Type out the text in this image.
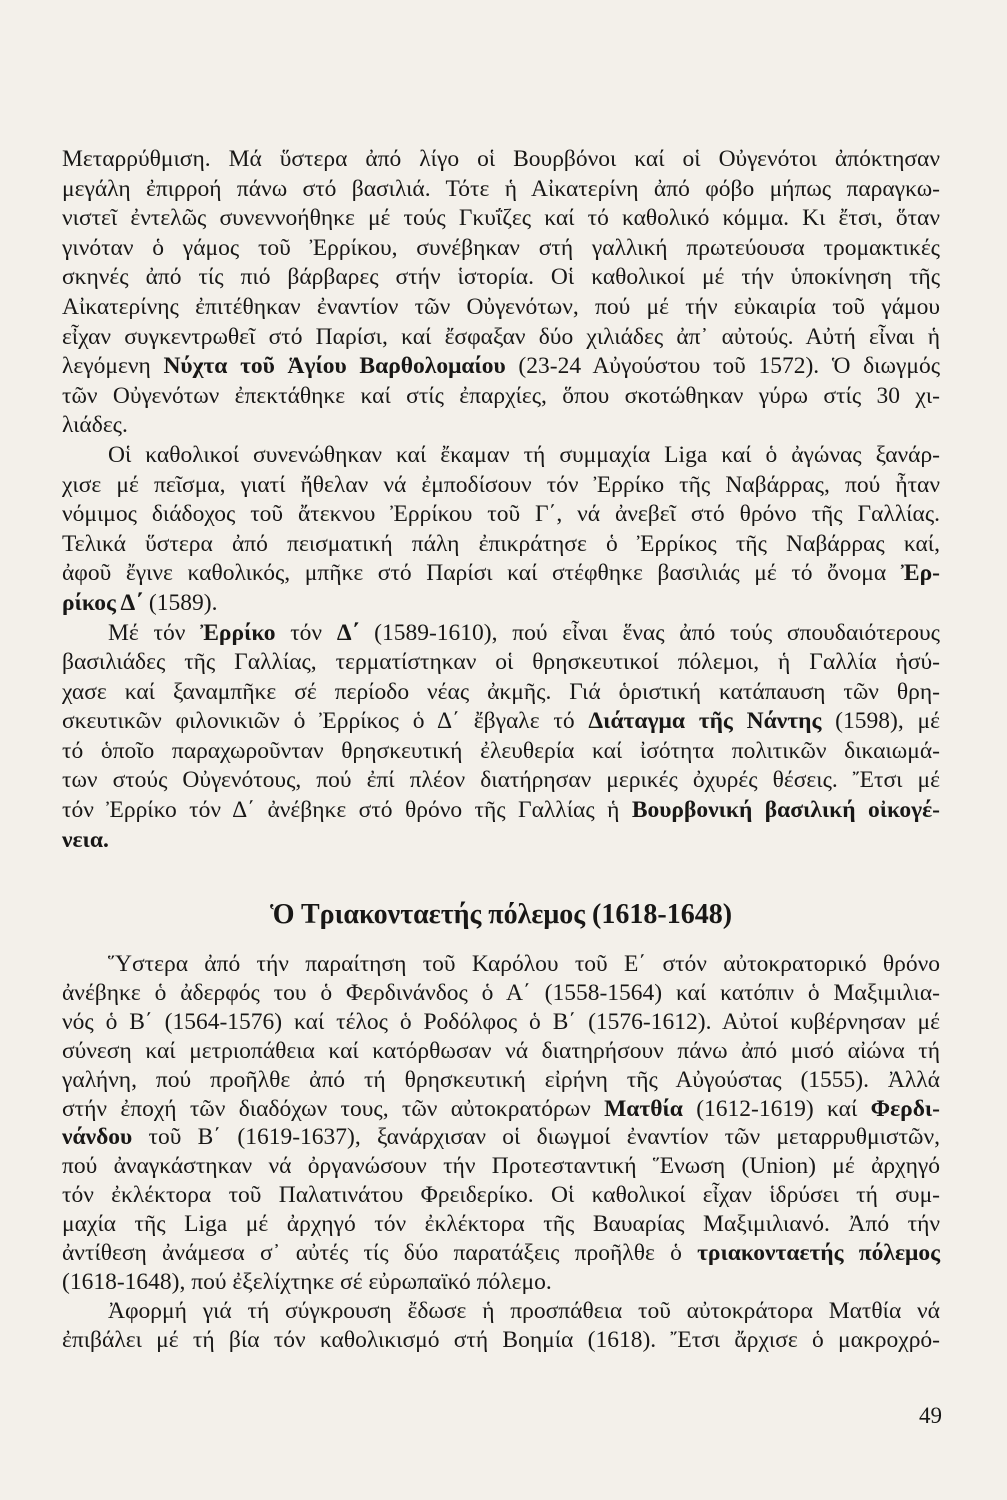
Μεταρρύθμιση. Μά ὕστερα ἀπό λίγο οἱ Βουρβόνοι καί οἱ Οὐγενότοι ἀπόκτησαν
μεγάλη ἐπιρροή πάνω στό βασιλιά. Τότε ἡ Αἰκατερίνη ἀπό φόβο μήπως παραγκω-
νιστεῖ ἐντελῶς συνεννοήθηκε μέ τούς Γκυΐζες καί τό καθολικό κόμμα. Κι ἔτσι, ὅταν
γινόταν ὁ γάμος τοῦ Ἐρρίκου, συνέβηκαν στή γαλλική πρωτεύουσα τρομακτικές
σκηνές ἀπό τίς πιό βάρβαρες στήν ἱστορία. Οἱ καθολικοί μέ τήν ὑποκίνηση τῆς
Αἰκατερίνης ἐπιτέθηκαν ἐναντίον τῶν Οὐγενότων, πού μέ τήν εὐκαιρία τοῦ γάμου
εἶχαν συγκεντρωθεῖ στό Παρίσι, καί ἔσφαξαν δύο χιλιάδες ἀπ᾽ αὐτούς. Αὐτή εἶναι ἡ
λεγόμενη Νύχτα τοῦ Ἁγίου Βαρθολομαίου (23-24 Αὐγούστου τοῦ 1572). Ὁ διωγμός
τῶν Οὐγενότων ἐπεκτάθηκε καί στίς ἐπαρχίες, ὅπου σκοτώθηκαν γύρω στίς 30 χι-
λιάδες.
Οἱ καθολικοί συνενώθηκαν καί ἔκαμαν τή συμμαχία Liga καί ὁ ἀγώνας ξανάρ-
χισε μέ πεῖσμα, γιατί ἤθελαν νά ἐμποδίσουν τόν Ἐρρίκο τῆς Ναβάρρας, πού ἦταν
νόμιμος διάδοχος τοῦ ἄτεκνου Ἐρρίκου τοῦ Γ΄, νά ἀνεβεῖ στό θρόνο τῆς Γαλλίας.
Τελικά ὕστερα ἀπό πεισματική πάλη ἐπικράτησε ὁ Ἐρρίκος τῆς Ναβάρρας καί,
ἀφοῦ ἔγινε καθολικός, μπῆκε στό Παρίσι καί στέφθηκε βασιλιάς μέ τό ὄνομα Ἐρ-
ρίκος Δ΄ (1589).
Μέ τόν Ἐρρίκο τόν Δ΄ (1589-1610), πού εἶναι ἕνας ἀπό τούς σπουδαιότερους
βασιλιάδες τῆς Γαλλίας, τερματίστηκαν οἱ θρησκευτικοί πόλεμοι, ἡ Γαλλία ἡσύ-
χασε καί ξαναμπῆκε σέ περίοδο νέας ἀκμῆς. Γιά ὁριστική κατάπαυση τῶν θρη-
σκευτικῶν φιλονικιῶν ὁ Ἐρρίκος ὁ Δ΄ ἔβγαλε τό Διάταγμα τῆς Νάντης (1598), μέ
τό ὁποῖο παραχωροῦνταν θρησκευτική ἐλευθερία καί ἰσότητα πολιτικῶν δικαιωμά-
των στούς Οὐγενότους, πού ἐπί πλέον διατήρησαν μερικές ὀχυρές θέσεις. Ἔτσι μέ
τόν Ἐρρίκο τόν Δ΄ ἀνέβηκε στό θρόνο τῆς Γαλλίας ἡ Βουρβονική βασιλική οἰκογέ-
νεια.
Ὁ Τριακονταετής πόλεμος (1618-1648)
Ὕστερα ἀπό τήν παραίτηση τοῦ Καρόλου τοῦ Ε΄ στόν αὐτοκρατορικό θρόνο
ἀνέβηκε ὁ ἀδερφός του ὁ Φερδινάνδος ὁ Α΄ (1558-1564) καί κατόπιν ὁ Μαξιμιλια-
νός ὁ Β΄ (1564-1576) καί τέλος ὁ Ροδόλφος ὁ Β΄ (1576-1612). Αὐτοί κυβέρνησαν μέ
σύνεση καί μετριοπάθεια καί κατόρθωσαν νά διατηρήσουν πάνω ἀπό μισό αἰώνα τή
γαλήνη, πού προῆλθε ἀπό τή θρησκευτική εἰρήνη τῆς Αὐγούστας (1555). Ἀλλά
στήν ἐποχή τῶν διαδόχων τους, τῶν αὐτοκρατόρων Ματθία (1612-1619) καί Φερδι-
νάνδου τοῦ Β΄ (1619-1637), ξανάρχισαν οἱ διωγμοί ἐναντίον τῶν μεταρρυθμιστῶν,
πού ἀναγκάστηκαν νά ὀργανώσουν τήν Προτεσταντική Ἕνωση (Union) μέ ἀρχηγό
τόν ἐκλέκτορα τοῦ Παλατινάτου Φρειδερίκο. Οἱ καθολικοί εἶχαν ἱδρύσει τή συμ-
μαχία τῆς Liga μέ ἀρχηγό τόν ἐκλέκτορα τῆς Βαυαρίας Μαξιμιλιανό. Ἀπό τήν
ἀντίθεση ἀνάμεσα σ᾽ αὐτές τίς δύο παρατάξεις προῆλθε ὁ τριακονταετής πόλεμος
(1618-1648), πού ἐξελίχτηκε σέ εὐρωπαϊκό πόλεμο.
Ἀφορμή γιά τή σύγκρουση ἔδωσε ἡ προσπάθεια τοῦ αὐτοκράτορα Ματθία νά
ἐπιβάλει μέ τή βία τόν καθολικισμό στή Βοημία (1618). Ἔτσι ἄρχισε ὁ μακροχρό-
49
